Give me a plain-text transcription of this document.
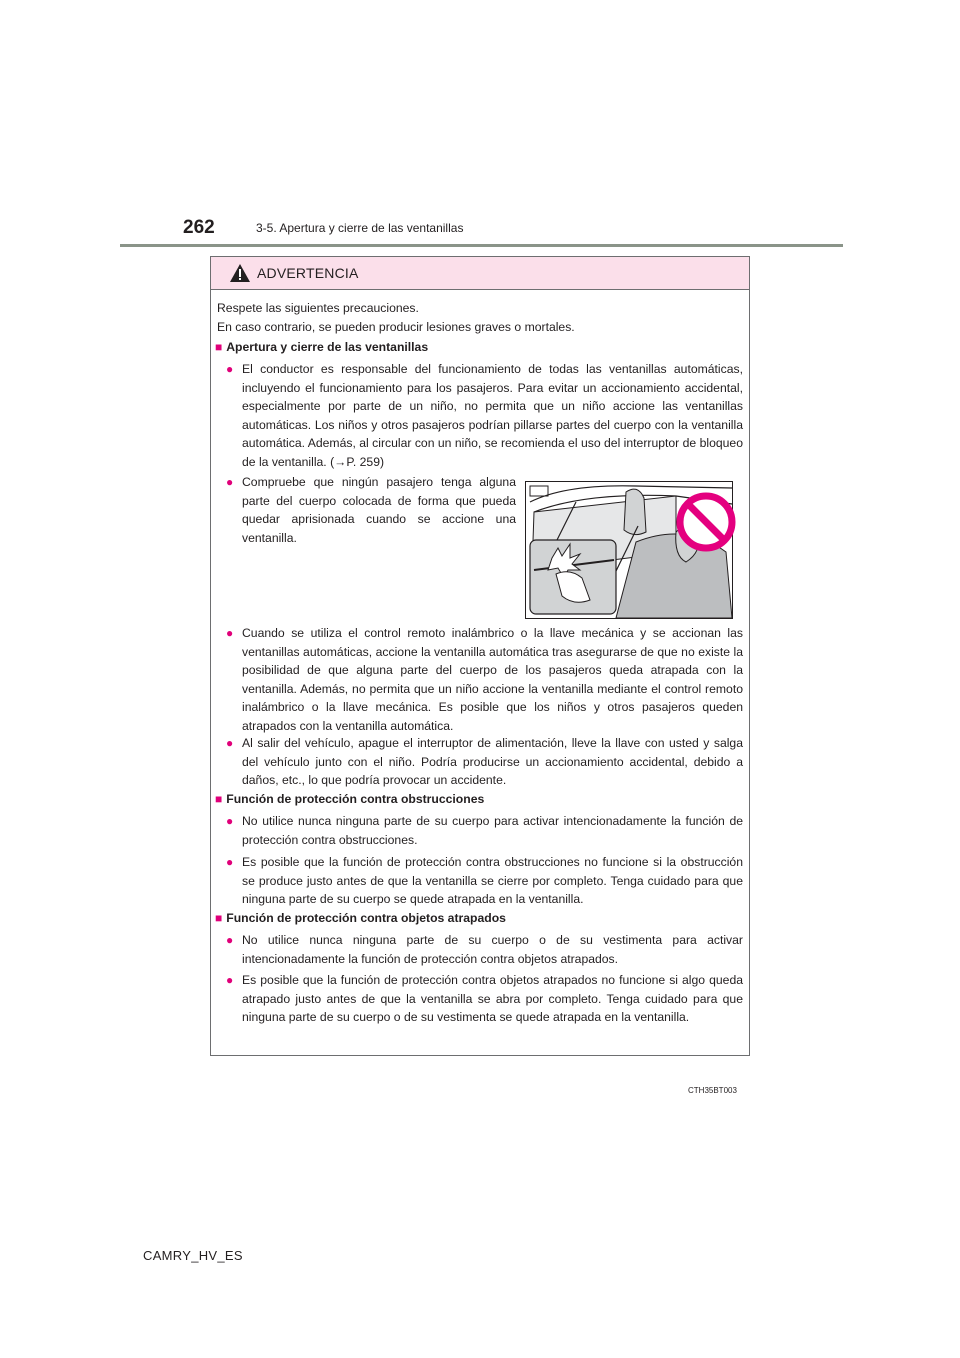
262	3-5. Apertura y cierre de las ventanillas
ADVERTENCIA
Respete las siguientes precauciones.
En caso contrario, se pueden producir lesiones graves o mortales.
■ Apertura y cierre de las ventanillas
● El conductor es responsable del funcionamiento de todas las ventanillas automáticas, incluyendo el funcionamiento para los pasajeros. Para evitar un accionamiento accidental, especialmente por parte de un niño, no permita que un niño accione las ventanillas automáticas. Los niños y otros pasajeros podrían pillarse partes del cuerpo con la ventanilla automática. Además, al circular con un niño, se recomienda el uso del interruptor de bloqueo de la ventanilla. (→P. 259)
● Compruebe que ningún pasajero tenga alguna parte del cuerpo colocada de forma que pueda quedar aprisionada cuando se accione una ventanilla.
CTH35BT003
● Cuando se utiliza el control remoto inalámbrico o la llave mecánica y se accionan las ventanillas automáticas, accione la ventanilla automática tras asegurarse de que no existe la posibilidad de que alguna parte del cuerpo de los pasajeros queda atrapada con la ventanilla. Además, no permita que un niño accione la ventanilla mediante el control remoto inalámbrico o la llave mecánica. Es posible que los niños y otros pasajeros queden atrapados con la ventanilla automática.
● Al salir del vehículo, apague el interruptor de alimentación, lleve la llave con usted y salga del vehículo junto con el niño. Podría producirse un accionamiento accidental, debido a daños, etc., lo que podría provocar un accidente.
■ Función de protección contra obstrucciones
● No utilice nunca ninguna parte de su cuerpo para activar intencionadamente la función de protección contra obstrucciones.
● Es posible que la función de protección contra obstrucciones no funcione si la obstrucción se produce justo antes de que la ventanilla se cierre por completo. Tenga cuidado para que ninguna parte de su cuerpo se quede atrapada en la ventanilla.
■ Función de protección contra objetos atrapados
● No utilice nunca ninguna parte de su cuerpo o de su vestimenta para activar intencionadamente la función de protección contra objetos atrapados.
● Es posible que la función de protección contra objetos atrapados no funcione si algo queda atrapado justo antes de que la ventanilla se abra por completo. Tenga cuidado para que ninguna parte de su cuerpo o de su vestimenta se quede atrapada en la ventanilla.
CAMRY_HV_ES
